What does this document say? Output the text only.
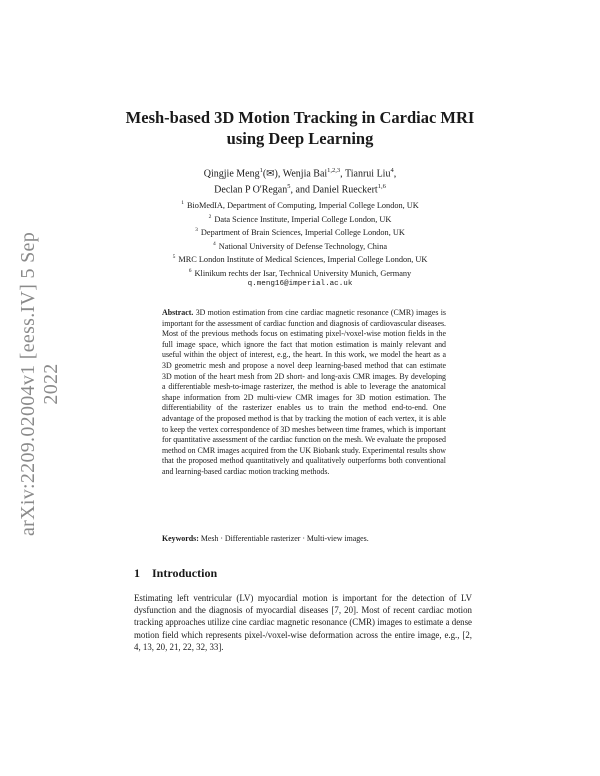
arXiv:2209.02004v1 [eess.IV] 5 Sep 2022
Mesh-based 3D Motion Tracking in Cardiac MRI
using Deep Learning
Qingjie Meng$^1$(✉), Wenjia Bai$^{1,2,3}$, Tianrui Liu$^4$,
Declan P O'Regan$^5$, and Daniel Rueckert$^{1,6}$
$^1$ BioMedIA, Department of Computing, Imperial College London, UK
$^2$ Data Science Institute, Imperial College London, UK
$^3$ Department of Brain Sciences, Imperial College London, UK
$^4$ National University of Defense Technology, China
$^5$ MRC London Institute of Medical Sciences, Imperial College London, UK
$^6$ Klinikum rechts der Isar, Technical University Munich, Germany
q.meng16@imperial.ac.uk
Abstract. 3D motion estimation from cine cardiac magnetic resonance (CMR) images is important for the assessment of cardiac function and diagnosis of cardiovascular diseases. Most of the previous methods focus on estimating pixel-/voxel-wise motion fields in the full image space, which ignore the fact that motion estimation is mainly relevant and useful within the object of interest, e.g., the heart. In this work, we model the heart as a 3D geometric mesh and propose a novel deep learning-based method that can estimate 3D motion of the heart mesh from 2D short- and long-axis CMR images. By developing a differentiable mesh-to-image rasterizer, the method is able to leverage the anatomical shape information from 2D multi-view CMR images for 3D motion estimation. The differentiability of the rasterizer enables us to train the method end-to-end. One advantage of the proposed method is that by tracking the motion of each vertex, it is able to keep the vertex correspondence of 3D meshes between time frames, which is important for quantitative assessment of the cardiac function on the mesh. We evaluate the proposed method on CMR images acquired from the UK Biobank study. Experimental results show that the proposed method quantitatively and qualitatively outperforms both conventional and learning-based cardiac motion tracking methods.
Keywords: Mesh · Differentiable rasterizer · Multi-view images.
1 Introduction
Estimating left ventricular (LV) myocardial motion is important for the detection of LV dysfunction and the diagnosis of myocardial diseases [7, 20]. Most of recent cardiac motion tracking approaches utilize cine cardiac magnetic resonance (CMR) images to estimate a dense motion field which represents pixel-/voxel-wise deformation across the entire image, e.g., [2, 4, 13, 20, 21, 22, 32, 33].
